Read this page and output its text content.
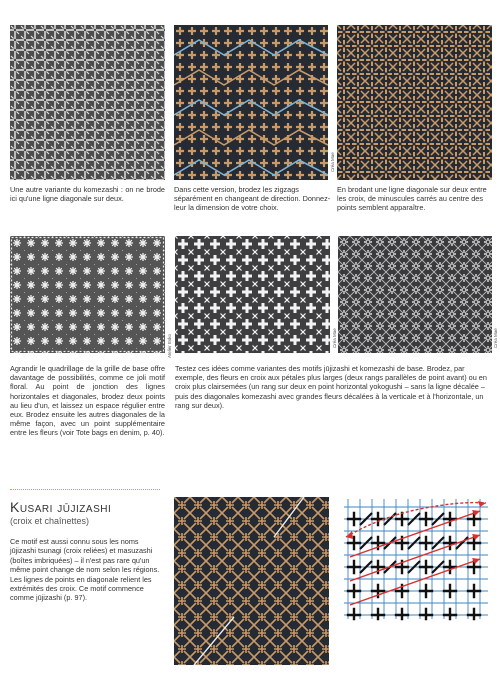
Créa Mae
Une autre variante du komezashi : on ne brode ici qu'une ligne diagonale sur deux.
Dans cette version, brodez les zigzags séparément en changeant de direction. Donnez-leur la dimension de votre choix.
En brodant une ligne diagonale sur deux entre les croix, de minuscules carrés au centre des points semblent apparaître.
Atelier Esko	Créa Mae	Créa Mae
Agrandir le quadrillage de la grille de base offre davantage de possibilités, comme ce joli motif floral. Au point de jonction des lignes horizontales et diagonales, brodez deux points au lieu d'un, et laissez un espace régulier entre eux. Brodez ensuite les autres diagonales de la même façon, avec un point supplémentaire entre les fleurs (voir Tote bags en denim, p. 40).
Testez ces idées comme variantes des motifs jūjizashi et komezashi de base. Brodez, par exemple, des fleurs en croix aux pétales plus larges (deux rangs parallèles de point avant) ou en croix plus clairsemées (un rang sur deux en point horizontal yokogushi – sans la ligne décalée – puis des diagonales komezashi avec grandes fleurs décalées à la verticale et à l'horizontale, un rang sur deux).
Kusari jūjizashi
(croix et chaînettes)
Ce motif est aussi connu sous les noms jūjizashi tsunagi (croix reliées) et masuzashi (boîtes imbriquées) – il n'est pas rare qu'un même point change de nom selon les régions. Les lignes de points en diagonale relient les extrémités des croix. Ce motif commence comme jūjizashi (p. 97).
